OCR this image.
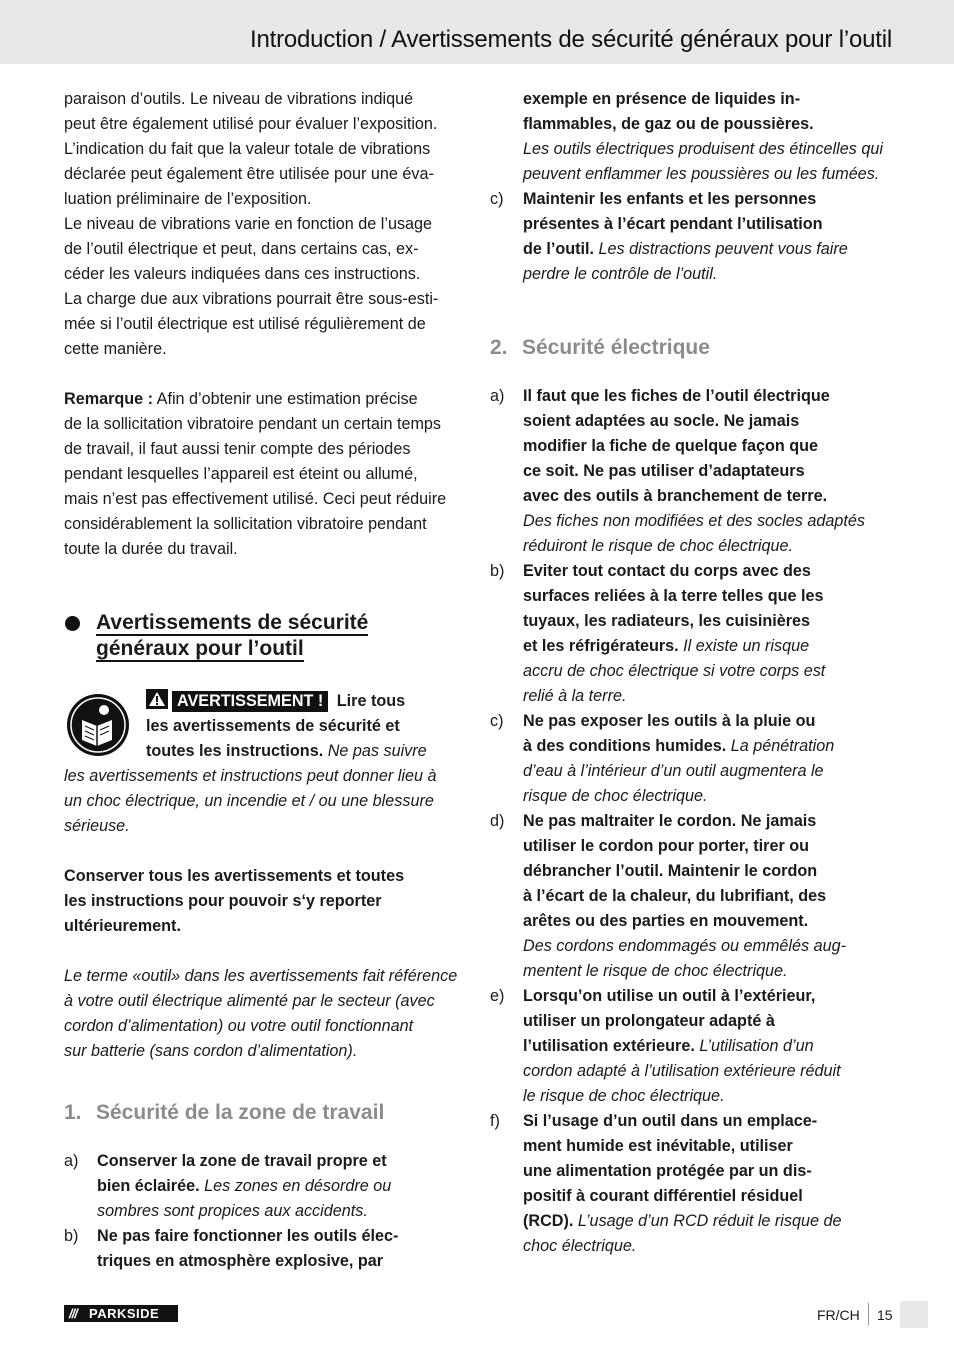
Introduction / Avertissements de sécurité généraux pour l’outil

paraison d’outils. Le niveau de vibrations indiqué

peut être également utilisé pour évaluer l’exposition.

L’indication du fait que la valeur totale de vibrations

déclarée peut également être utilisée pour une éva-

luation préliminaire de l’exposition.

Le niveau de vibrations varie en fonction de l’usage

de l’outil électrique et peut, dans certains cas, ex-

céder les valeurs indiquées dans ces instructions.

La charge due aux vibrations pourrait être sous-esti-

mée si l’outil électrique est utilisé régulièrement de

cette manière.

Remarque : Afin d’obtenir une estimation précise

de la sollicitation vibratoire pendant un certain temps

de travail, il faut aussi tenir compte des périodes

pendant lesquelles l’appareil est éteint ou allumé,

mais n’est pas effectivement utilisé. Ceci peut réduire

considérablement la sollicitation vibratoire pendant

toute la durée du travail.

Avertissements de sécurité
généraux pour l’outil

AVERTISSEMENT ! Lire tous

les avertissements de sécurité et

toutes les instructions. Ne pas suivre

les avertissements et instructions peut donner lieu à

un choc électrique, un incendie et / ou une blessure

sérieuse.

Conserver tous les avertissements et toutes

les instructions pour pouvoir s‘y reporter

ultérieurement.

Le terme «outil» dans les avertissements fait référence

à votre outil électrique alimenté par le secteur (avec

cordon d’alimentation) ou votre outil fonctionnant

sur batterie (sans cordon d’alimentation).

1. Sécurité de la zone de travail

a) Conserver la zone de travail propre et

bien éclairée. Les zones en désordre ou

sombres sont propices aux accidents.

b) Ne pas faire fonctionner les outils élec-

triques en atmosphère explosive, par

exemple en présence de liquides in-

flammables, de gaz ou de poussières.

Les outils électriques produisent des étincelles qui

peuvent enflammer les poussières ou les fumées.

c) Maintenir les enfants et les personnes

présentes à l’écart pendant l’utilisation

de l’outil. Les distractions peuvent vous faire

perdre le contrôle de l’outil.

2. Sécurité électrique

a) Il faut que les fiches de l’outil électrique

soient adaptées au socle. Ne jamais

modifier la fiche de quelque façon que

ce soit. Ne pas utiliser d’adaptateurs

avec des outils à branchement de terre.

Des fiches non modifiées et des socles adaptés

réduiront le risque de choc électrique.

b) Eviter tout contact du corps avec des

surfaces reliées à la terre telles que les

tuyaux, les radiateurs, les cuisinières

et les réfrigérateurs. Il existe un risque

accru de choc électrique si votre corps est

relié à la terre.

c) Ne pas exposer les outils à la pluie ou

à des conditions humides. La pénétration

d’eau à l’intérieur d’un outil augmentera le

risque de choc électrique.

d) Ne pas maltraiter le cordon. Ne jamais

utiliser le cordon pour porter, tirer ou

débrancher l’outil. Maintenir le cordon

à l’écart de la chaleur, du lubrifiant, des

arêtes ou des parties en mouvement.

Des cordons endommagés ou emmêlés aug-

mentent le risque de choc électrique.

e) Lorsqu’on utilise un outil à l’extérieur,

utiliser un prolongateur adapté à

l’utilisation extérieure. L’utilisation d’un

cordon adapté à l’utilisation extérieure réduit

le risque de choc électrique.

f) Si l’usage d’un outil dans un emplace-

ment humide est inévitable, utiliser

une alimentation protégée par un dis-

positif à courant différentiel résiduel

(RCD). L’usage d’un RCD réduit le risque de

choc électrique.

/// PARKSIDE	FR/CH 15
